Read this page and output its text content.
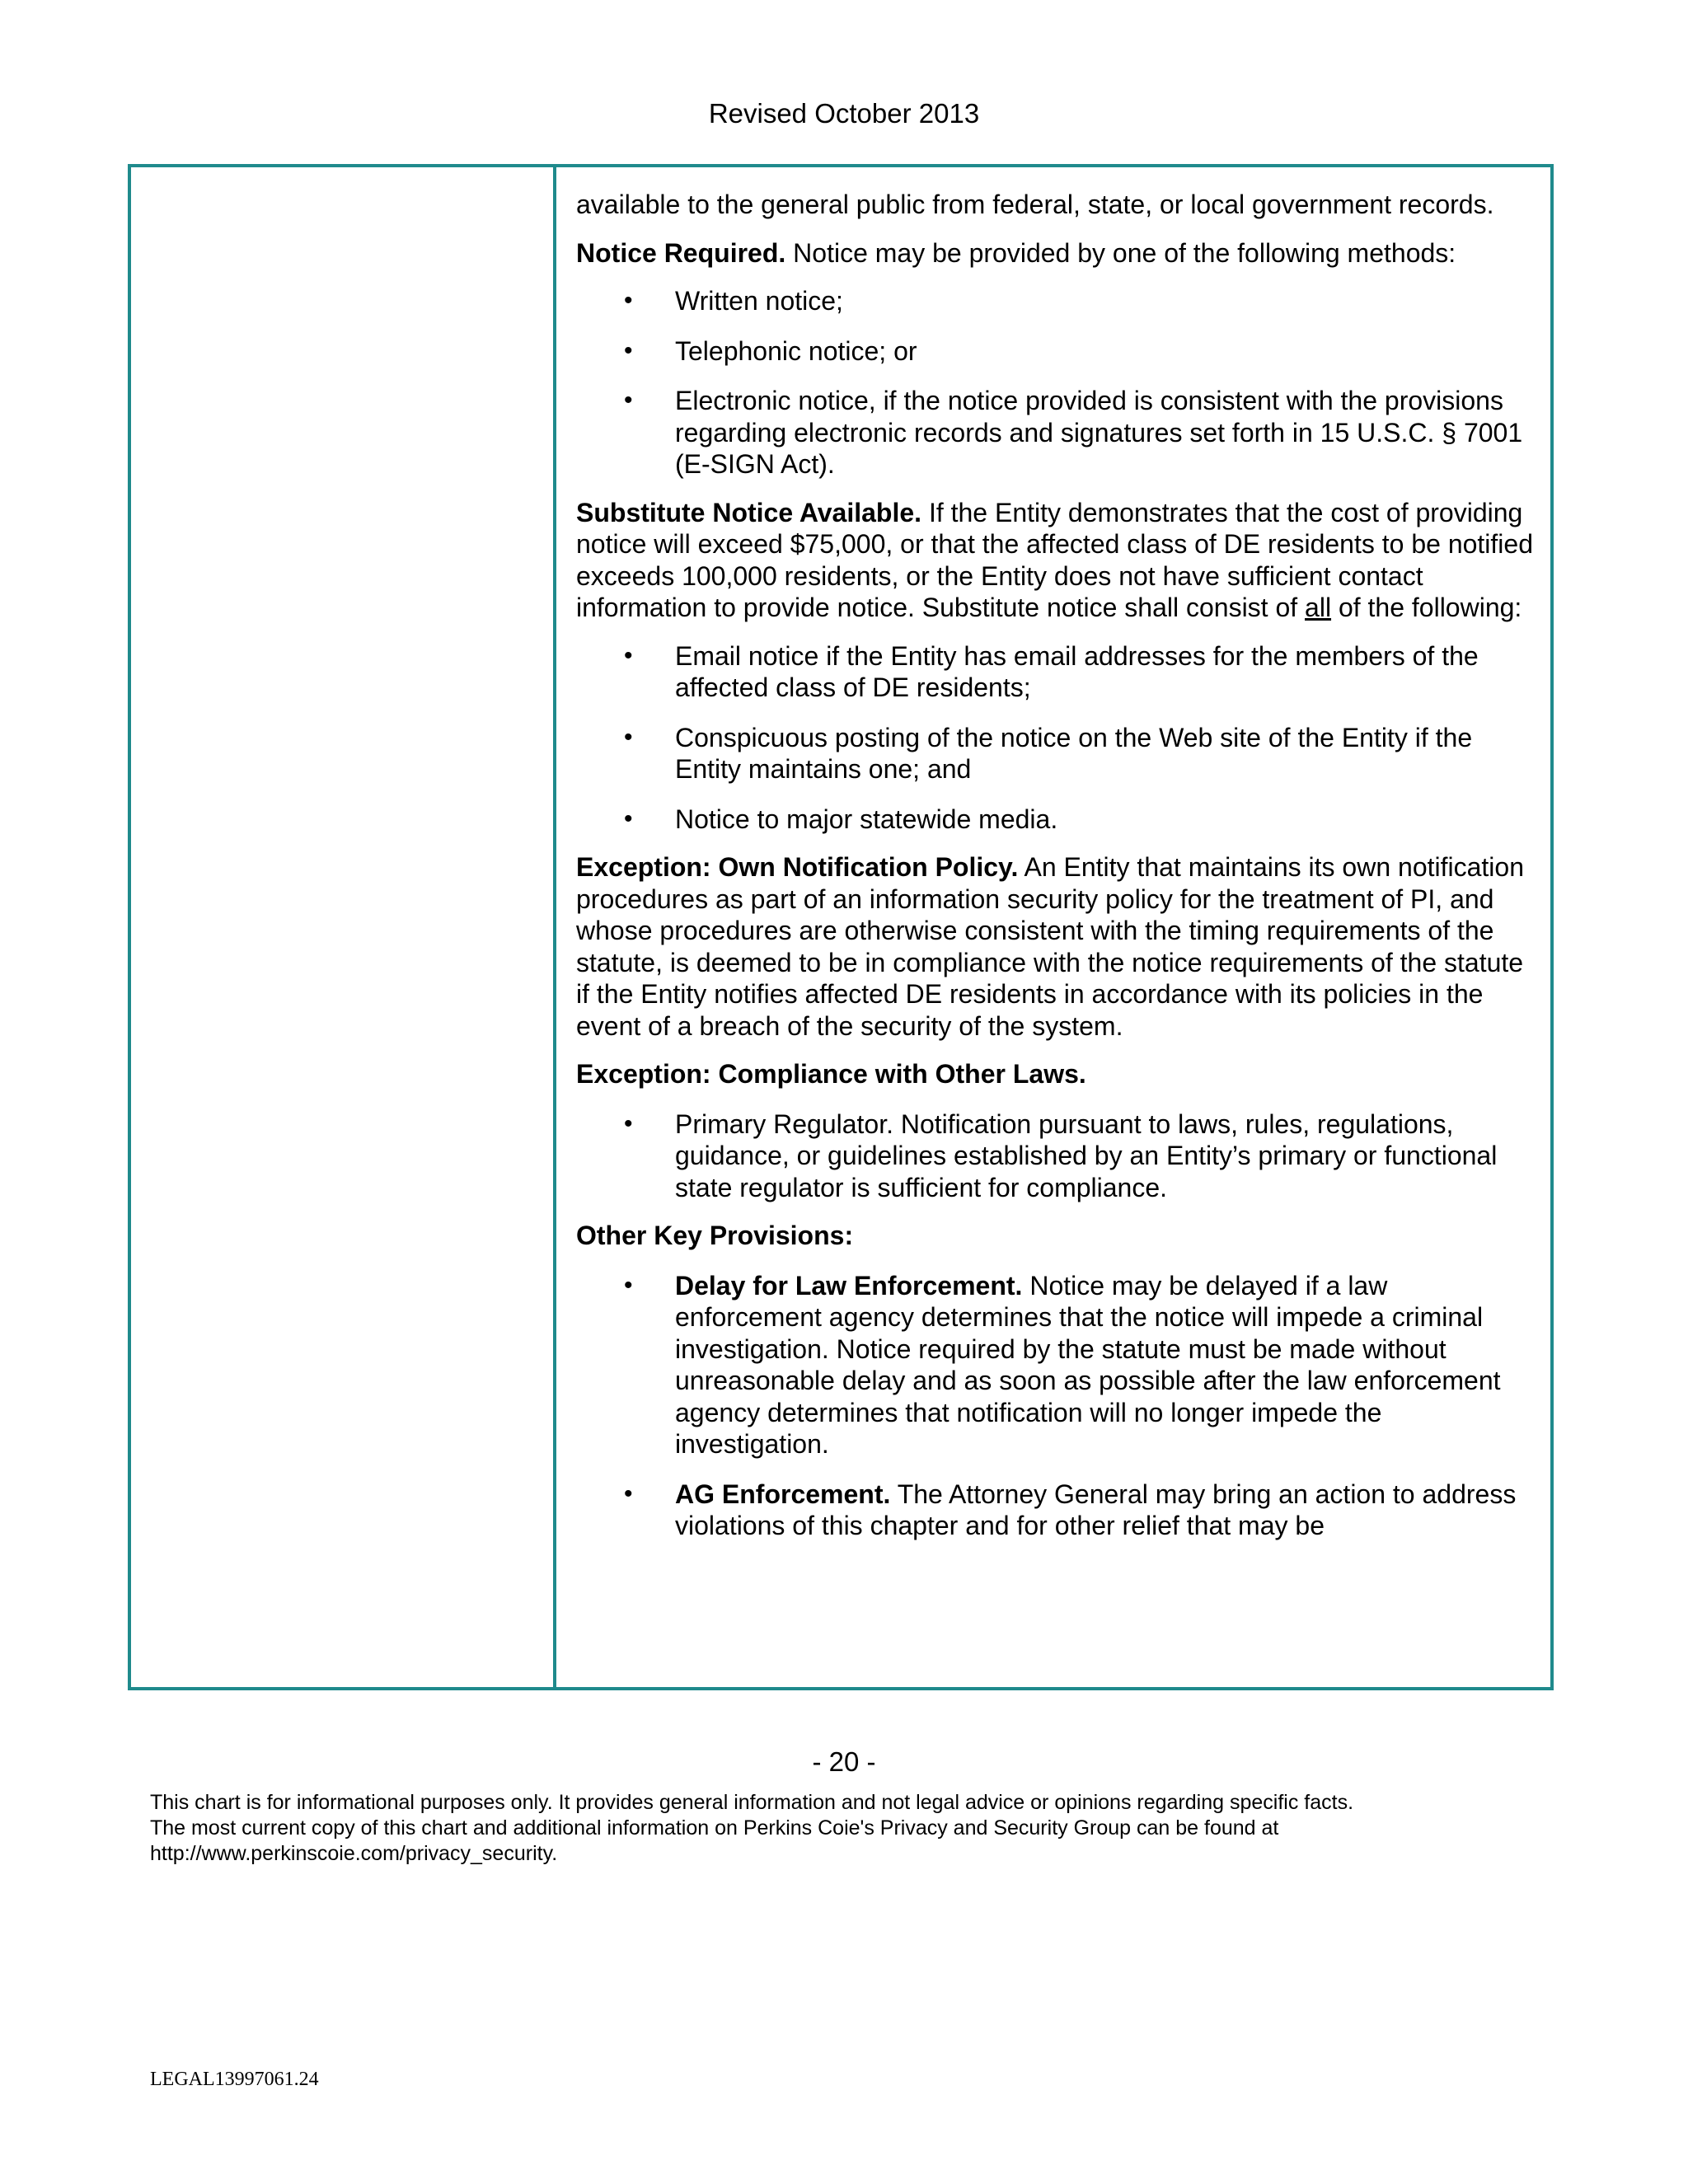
Revised October 2013

available to the general public from federal, state, or local government records.

Notice Required. Notice may be provided by one of the following methods:

• Written notice;
• Telephonic notice; or
• Electronic notice, if the notice provided is consistent with the provisions regarding electronic records and signatures set forth in 15 U.S.C. § 7001 (E-SIGN Act).

Substitute Notice Available. If the Entity demonstrates that the cost of providing notice will exceed $75,000, or that the affected class of DE residents to be notified exceeds 100,000 residents, or the Entity does not have sufficient contact information to provide notice. Substitute notice shall consist of all of the following:

• Email notice if the Entity has email addresses for the members of the affected class of DE residents;
• Conspicuous posting of the notice on the Web site of the Entity if the Entity maintains one; and
• Notice to major statewide media.

Exception: Own Notification Policy. An Entity that maintains its own notification procedures as part of an information security policy for the treatment of PI, and whose procedures are otherwise consistent with the timing requirements of the statute, is deemed to be in compliance with the notice requirements of the statute if the Entity notifies affected DE residents in accordance with its policies in the event of a breach of the security of the system.

Exception: Compliance with Other Laws.

• Primary Regulator. Notification pursuant to laws, rules, regulations, guidance, or guidelines established by an Entity’s primary or functional state regulator is sufficient for compliance.

Other Key Provisions:

• Delay for Law Enforcement. Notice may be delayed if a law enforcement agency determines that the notice will impede a criminal investigation. Notice required by the statute must be made without unreasonable delay and as soon as possible after the law enforcement agency determines that notification will no longer impede the investigation.
• AG Enforcement. The Attorney General may bring an action to address violations of this chapter and for other relief that may be
- 20 -
This chart is for informational purposes only. It provides general information and not legal advice or opinions regarding specific facts.
The most current copy of this chart and additional information on Perkins Coie's Privacy and Security Group can be found at
http://www.perkinscoie.com/privacy_security.
LEGAL13997061.24
